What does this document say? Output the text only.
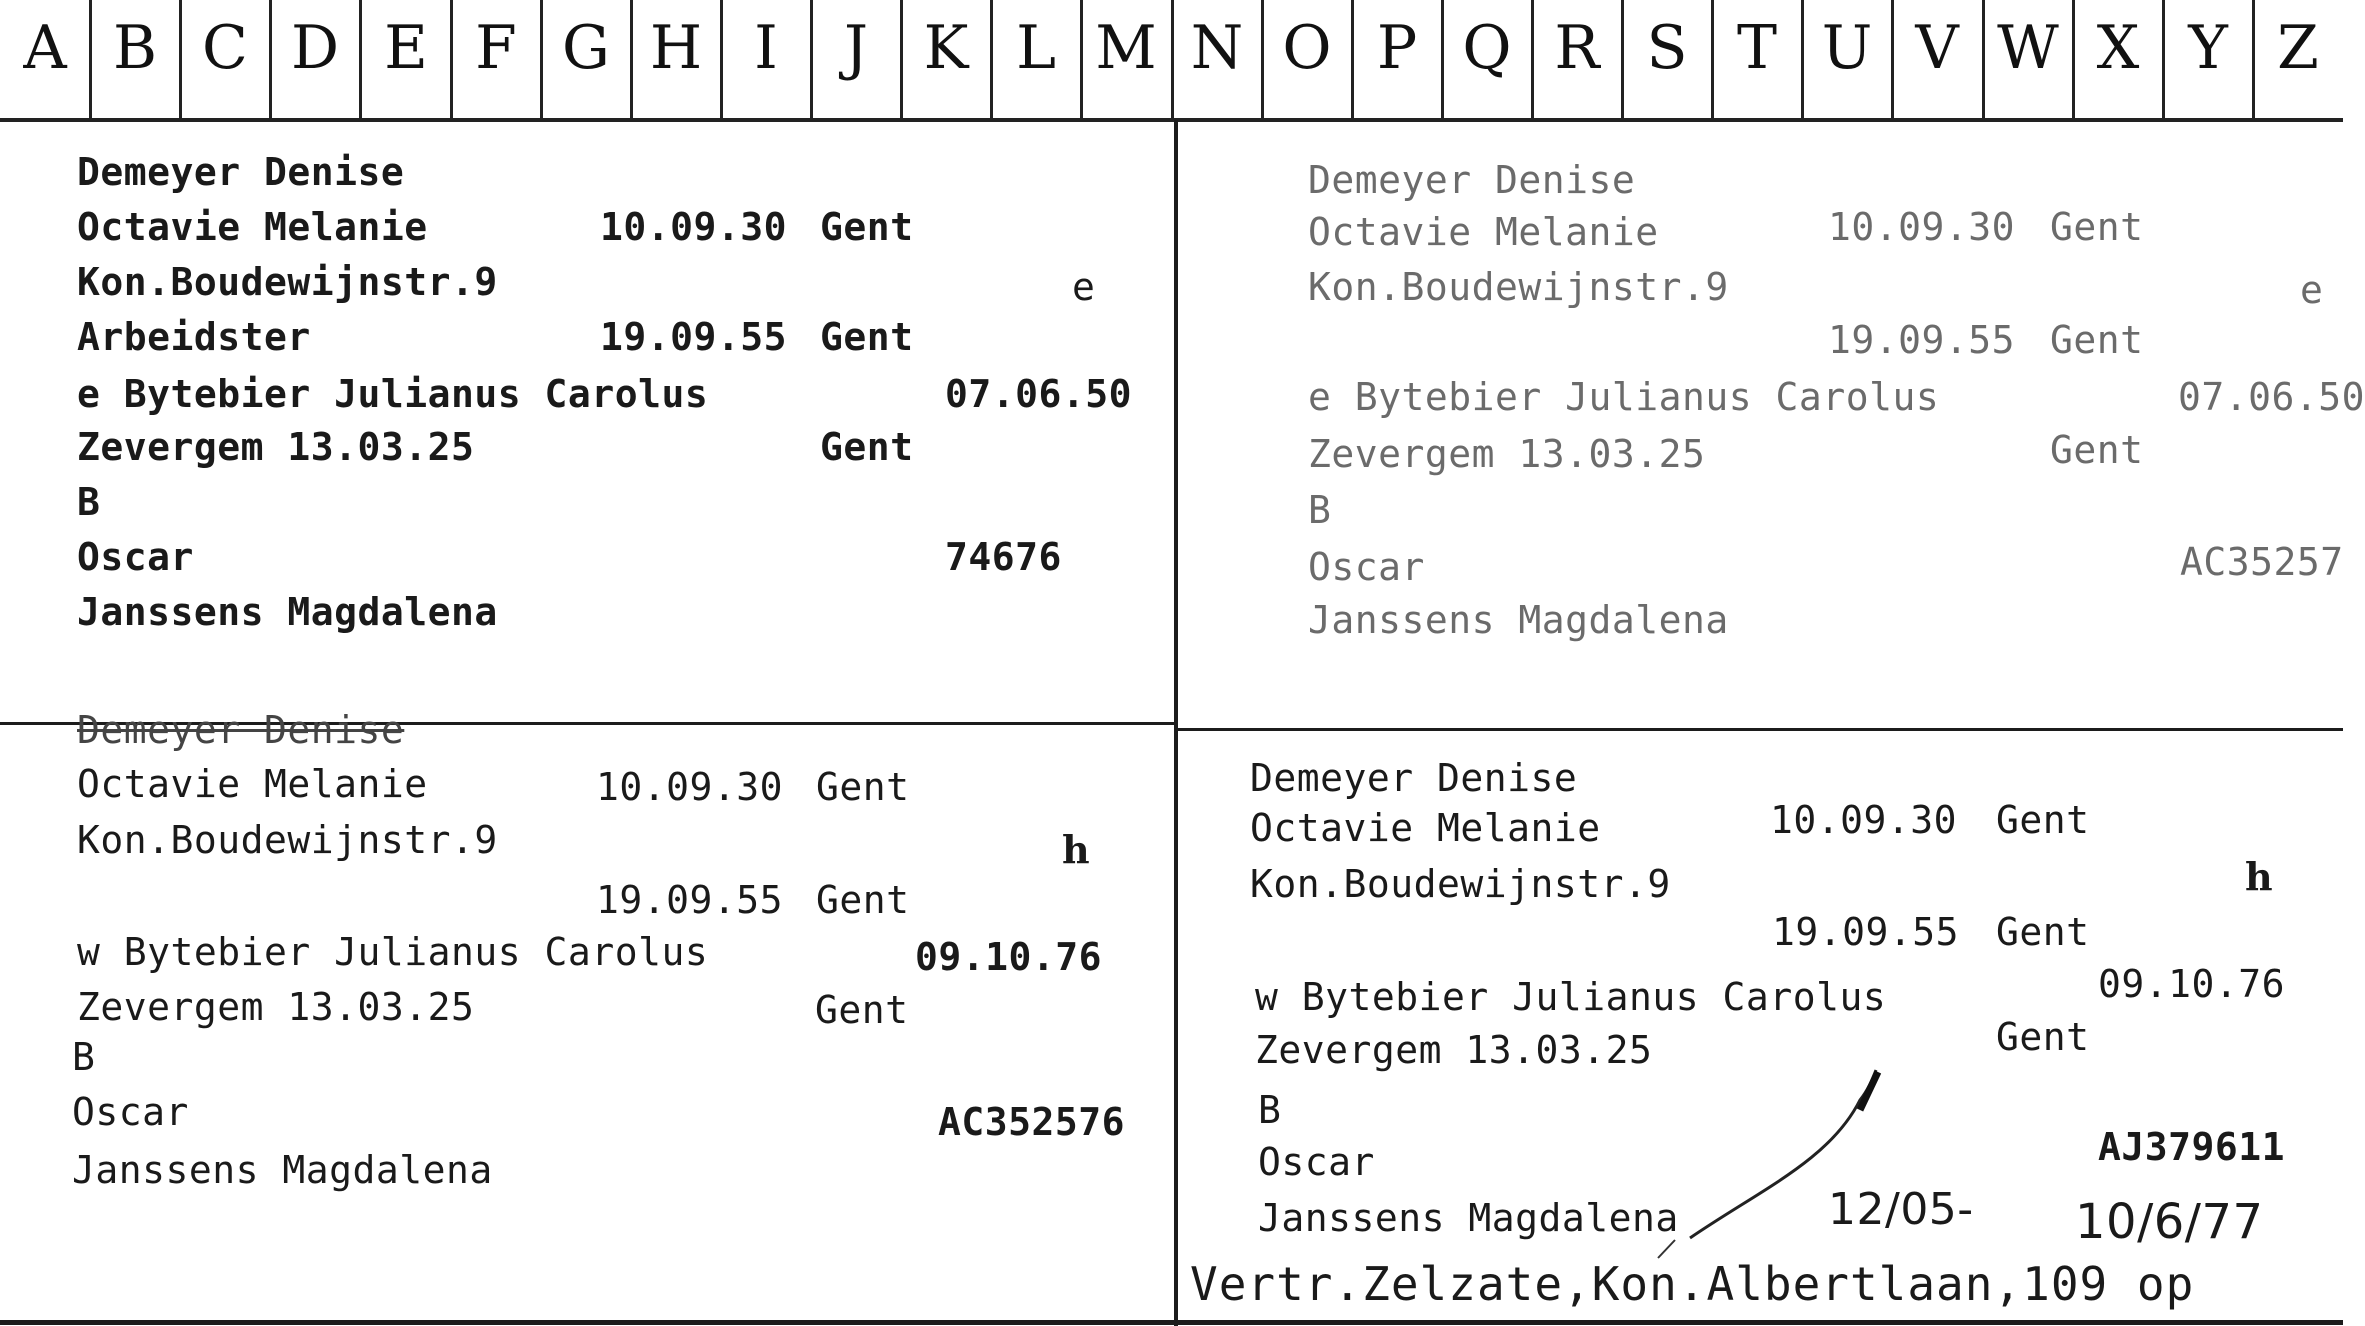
A B C D E F G H I	J K L M N O P Q R S T U V W X Y Z
Demeyer Denise
Octavie Melanie	10.09.30 Gent
Kon.Boudewijnstr.9	e
Arbeidster	19.09.55 Gent
e Bytebier Julianus Carolus	07.06.50
Zevergem 13.03.25	Gent
B
Oscar	74676
Janssens Magdalena
Demeyer Denise
Octavie Melanie	10.09.30 Gent
Kon.Boudewijnstr.9	e
19.09.55 Gent
e Bytebier Julianus Carolus	07.06.50
Zevergem 13.03.25	Gent
B
Oscar	AC35257
Janssens Magdalena
Demeyer Denise
Octavie Melanie	10.09.30 Gent
Kon.Boudewijnstr.9	h
19.09.55 Gent
w Bytebier Julianus Carolus	09.10.76
Zevergem 13.03.25	Gent
B
Oscar	AC352576
Janssens Magdalena
Demeyer Denise
Octavie Melanie	10.09.30 Gent
Kon.Boudewijnstr.9	h
19.09.55 Gent
w Bytebier Julianus Carolus	09.10.76
Zevergem 13.03.25	Gent
B
Oscar	AJ379611
Janssens Magdalena	12/05- 10/6/77
Vertr.Zelzate,Kon.Albertlaan,109 op
